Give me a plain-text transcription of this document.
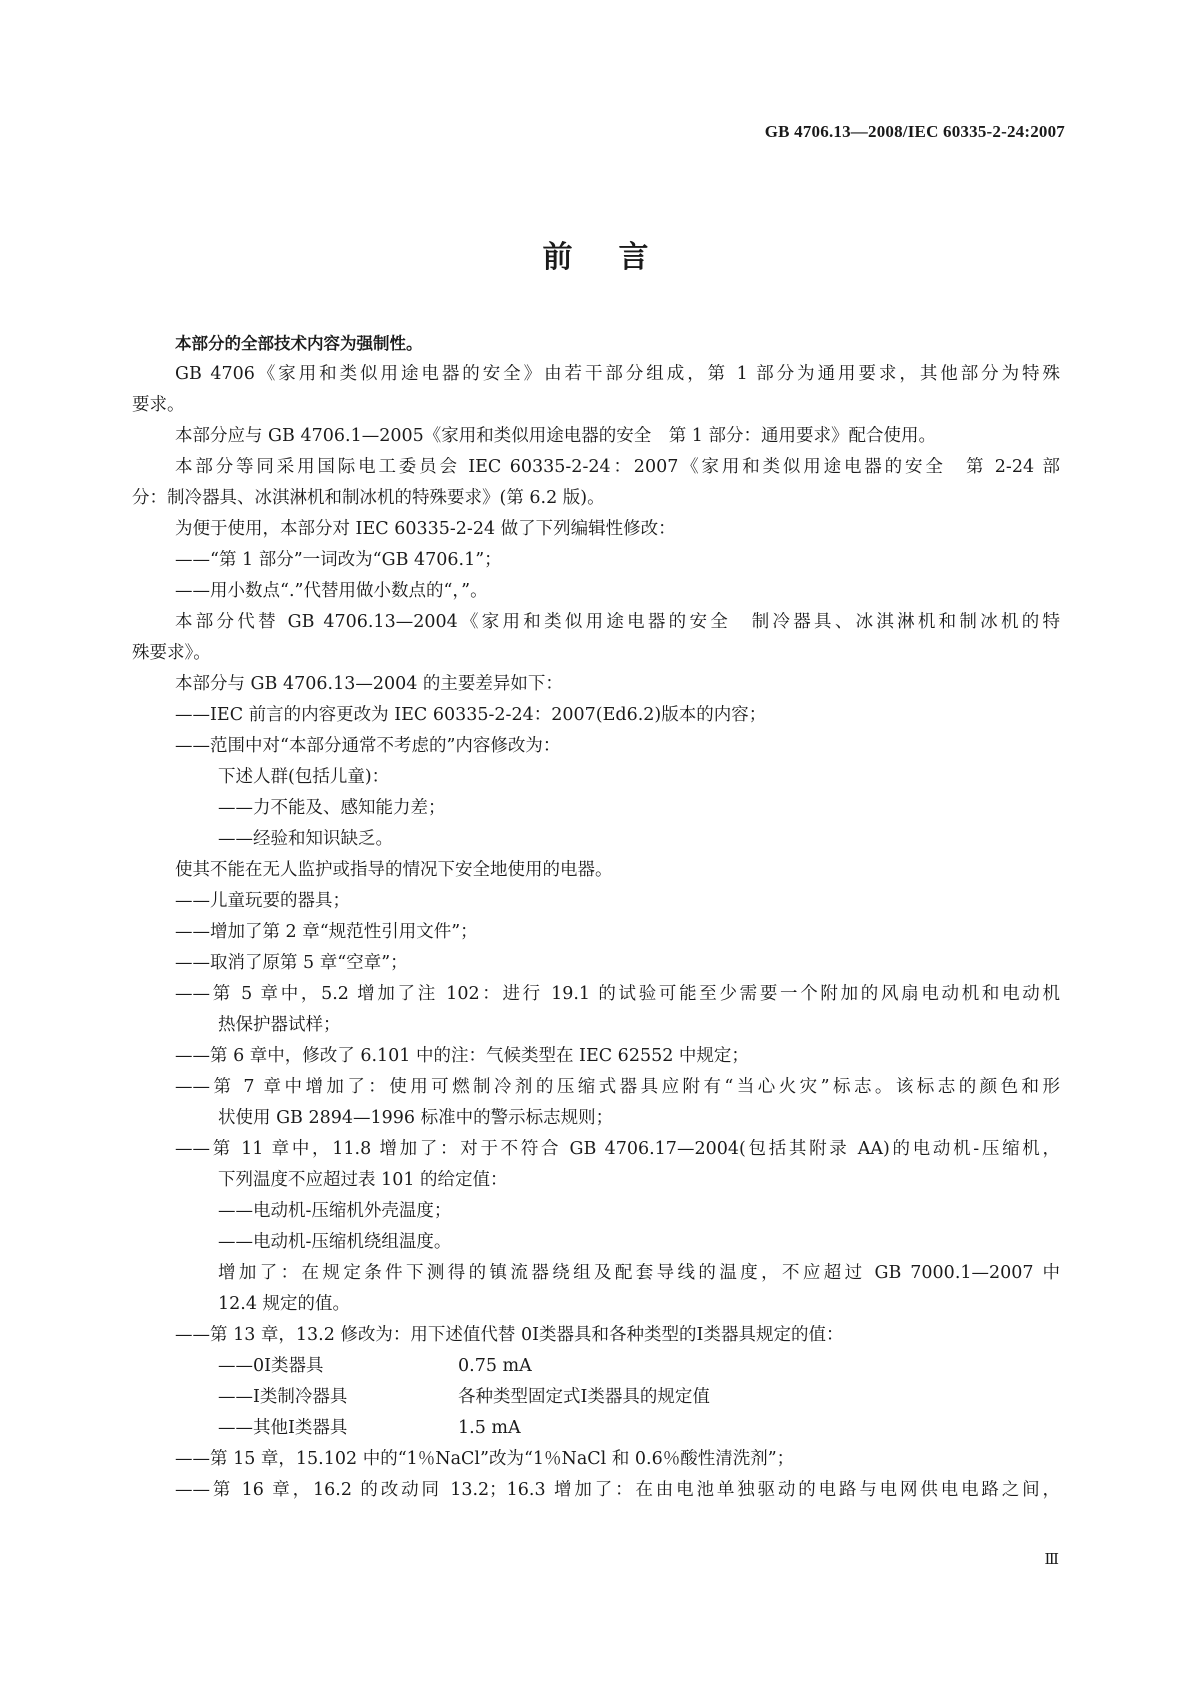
GB 4706.13—2008/IEC 60335-2-24:2007
前言
本部分的全部技术内容为强制性。
GB 4706《家用和类似用途电器的安全》由若干部分组成，第 1 部分为通用要求，其他部分为特殊
要求。
本部分应与 GB 4706.1—2005《家用和类似用途电器的安全　第 1 部分：通用要求》配合使用。
本部分等同采用国际电工委员会 IEC 60335-2-24：2007《家用和类似用途电器的安全　第 2-24 部
分：制冷器具、冰淇淋机和制冰机的特殊要求》(第 6.2 版)。
为便于使用，本部分对 IEC 60335-2-24 做了下列编辑性修改：
——“第 1 部分”一词改为“GB 4706.1”；
——用小数点“.”代替用做小数点的“，”。
本部分代替 GB 4706.13—2004《家用和类似用途电器的安全　制冷器具、冰淇淋机和制冰机的特
殊要求》。
本部分与 GB 4706.13—2004 的主要差异如下：
——IEC 前言的内容更改为 IEC 60335-2-24：2007(Ed6.2)版本的内容；
——范围中对“本部分通常不考虑的”内容修改为：
下述人群(包括儿童)：
——力不能及、感知能力差；
——经验和知识缺乏。
使其不能在无人监护或指导的情况下安全地使用的电器。
——儿童玩要的器具；
——增加了第 2 章“规范性引用文件”；
——取消了原第 5 章“空章”；
——第 5 章中，5.2 增加了注 102：进行 19.1 的试验可能至少需要一个附加的风扇电动机和电动机
热保护器试样；
——第 6 章中，修改了 6.101 中的注：气候类型在 IEC 62552 中规定；
——第 7 章中增加了：使用可燃制冷剂的压缩式器具应附有“当心火灾”标志。该标志的颜色和形
状使用 GB 2894—1996 标准中的警示标志规则；
——第 11 章中，11.8 增加了：对于不符合 GB 4706.17—2004(包括其附录 AA)的电动机-压缩机，
下列温度不应超过表 101 的给定值：
——电动机-压缩机外壳温度；
——电动机-压缩机绕组温度。
增加了：在规定条件下测得的镇流器绕组及配套导线的温度，不应超过 GB 7000.1—2007 中
12.4 规定的值。
——第 13 章，13.2 修改为：用下述值代替 0Ⅰ类器具和各种类型的Ⅰ类器具规定的值：
——0Ⅰ类器具	0.75 mA
——Ⅰ类制冷器具	各种类型固定式Ⅰ类器具的规定值
——其他Ⅰ类器具	1.5 mA
——第 15 章，15.102 中的“1％NaCl”改为“1％NaCl 和 0.6％酸性清洗剂”；
——第 16 章，16.2 的改动同 13.2；16.3 增加了：在由电池单独驱动的电路与电网供电电路之间，
Ⅲ
